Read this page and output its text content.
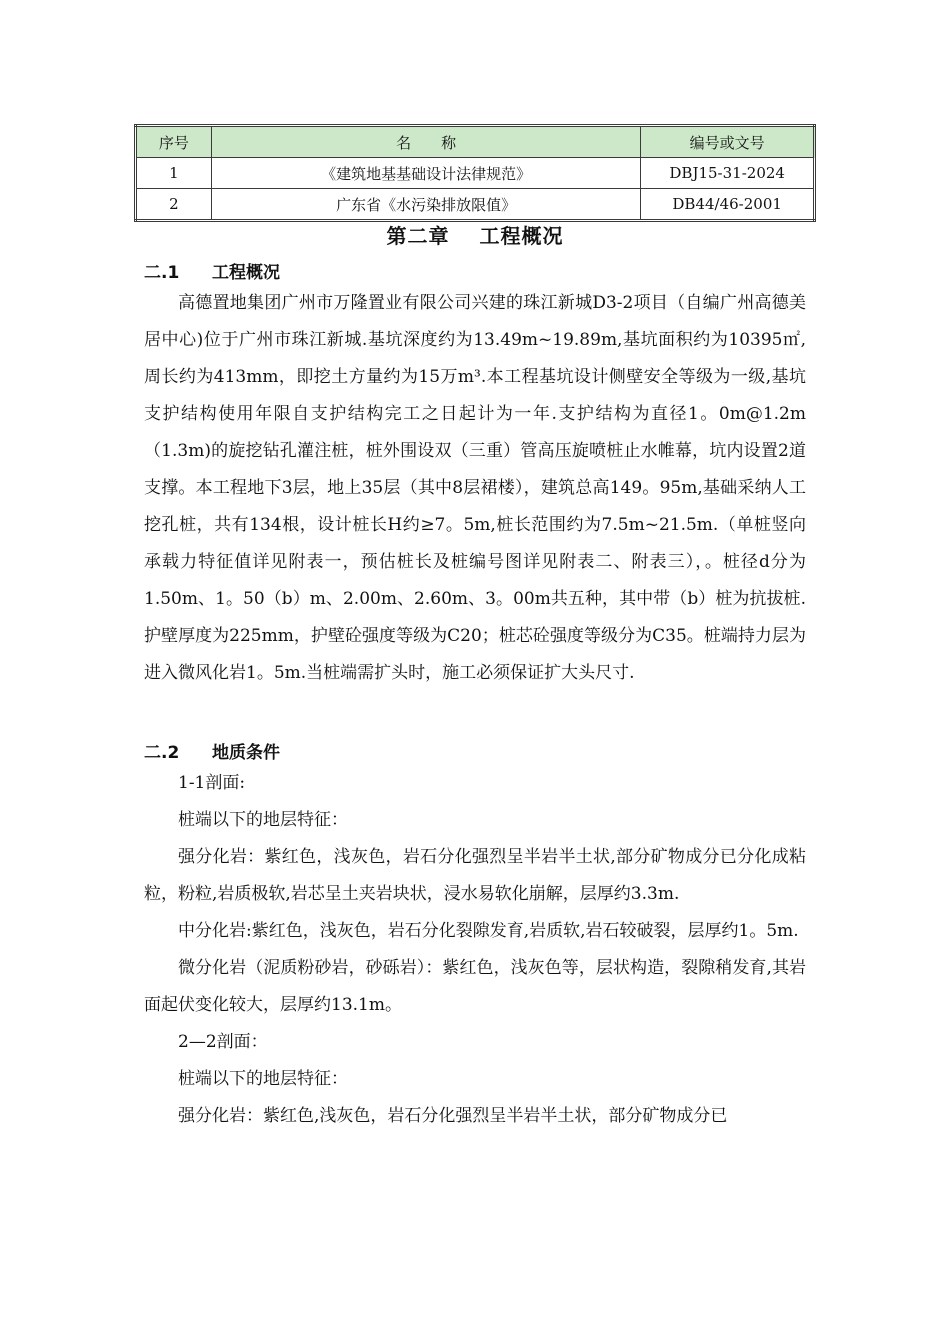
序号	名　　称	编号或文号
1	《建筑地基基础设计法律规范》	DBJ15-31-2024
2	广东省《水污染排放限值》	DB44/46-2001
第二章 工程概况
二.1 工程概况

高德置地集团广州市万隆置业有限公司兴建的珠江新城D3-2项目（自编广州高德美居中心)位于广州市珠江新城.基坑深度约为13.49m~19.89m,基坑面积约为10395㎡,周长约为413mm，即挖土方量约为15万m³.本工程基坑设计侧壁安全等级为一级,基坑支护结构使用年限自支护结构完工之日起计为一年.支护结构为直径1。0m@1.2m（1.3m)的旋挖钻孔灌注桩，桩外围设双（三重）管高压旋喷桩止水帷幕，坑内设置2道支撑。本工程地下3层，地上35层（其中8层裙楼），建筑总高149。95m,基础采纳人工挖孔桩，共有134根，设计桩长H约≥7。5m,桩长范围约为7.5m~21.5m.（单桩竖向承载力特征值详见附表一，预估桩长及桩编号图详见附表二、附表三），。桩径d分为1.50m、1。50（b）m、2.00m、2.60m、3。00m共五种，其中带（b）桩为抗拔桩.护壁厚度为225mm，护壁砼强度等级为C20；桩芯砼强度等级分为C35。桩端持力层为进入微风化岩1。5m.当桩端需扩头时，施工必须保证扩大头尺寸.

二.2 地质条件

1-1剖面:

桩端以下的地层特征：

强分化岩：紫红色，浅灰色，岩石分化强烈呈半岩半土状,部分矿物成分已分化成粘粒，粉粒,岩质极软,岩芯呈土夹岩块状，浸水易软化崩解，层厚约3.3m.

中分化岩:紫红色，浅灰色，岩石分化裂隙发育,岩质软,岩石较破裂，层厚约1。5m.

微分化岩（泥质粉砂岩，砂砾岩）：紫红色，浅灰色等，层状构造，裂隙稍发育,其岩面起伏变化较大，层厚约13.1m。

2—2剖面：

桩端以下的地层特征：

强分化岩：紫红色,浅灰色，岩石分化强烈呈半岩半土状，部分矿物成分已
